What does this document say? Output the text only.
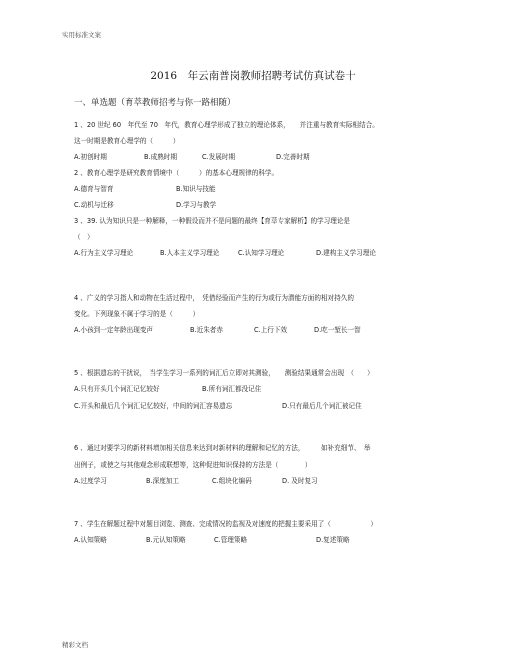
实用标准文案
2016　年云南普岗教师招聘考试仿真试卷十
一、单选题（育萃教师招考与你一路相随）
1 、20 世纪 60　年代至 70　年代，教育心理学形成了独立的理论体系，　　并注重与教育实际相结合。
这一时期是教育心理学的（　　　）
A.初创时期	B.成熟时期	C.发展时期	D.完善时期
2 、教育心理学是研究教育情境中（　　　）的基本心理规律的科学。
A.德育与智育	B.知识与技能
C.动机与迁移	D.学习与教学
3 、39. 认为知识只是一种解释，一种假设而并不是问题的最终【育萃专家解析】的学习理论是
（　）
A.行为主义学习理论	B.人本主义学习理论	C.认知学习理论	D.建构主义学习理论
4 、广义的学习指人和动物在生活过程中，　凭借经验而产生的行为或行为潜能方面的相对持久的
变化。下列现象不属于学习的是（　　　）
A.小孩到一定年龄出现变声	B.近朱者赤	C.上行下效	D.吃一堑长一智
5 、根据遗忘的干扰说，　当学生学习一系列的词汇后立即对其测验，　　测验结果通常会出现　（　　）
A.只有开头几个词汇记忆较好	B.所有词汇都没记住
C.开头和最后几个词汇记忆较好，中间的词汇容易遗忘	D.只有最后几个词汇被记住
6 、通过对要学习的新材料增加相关信息来达到对新材料的理解和记忆的方法，　　　如补充细节、　举
出例子，或使之与其他观念形成联想等，这种促进知识保持的方法是（　　　　）
A.过度学习	B.深度加工	C.组块化编码	D. 及时复习
7 、学生在解题过程中对题目浏览、测查、完成情况的监视及对速度的把握主要采用了（　　　　　　）
A.认知策略	B.元认知策略	C.管理策略	D.复述策略
精彩文档
